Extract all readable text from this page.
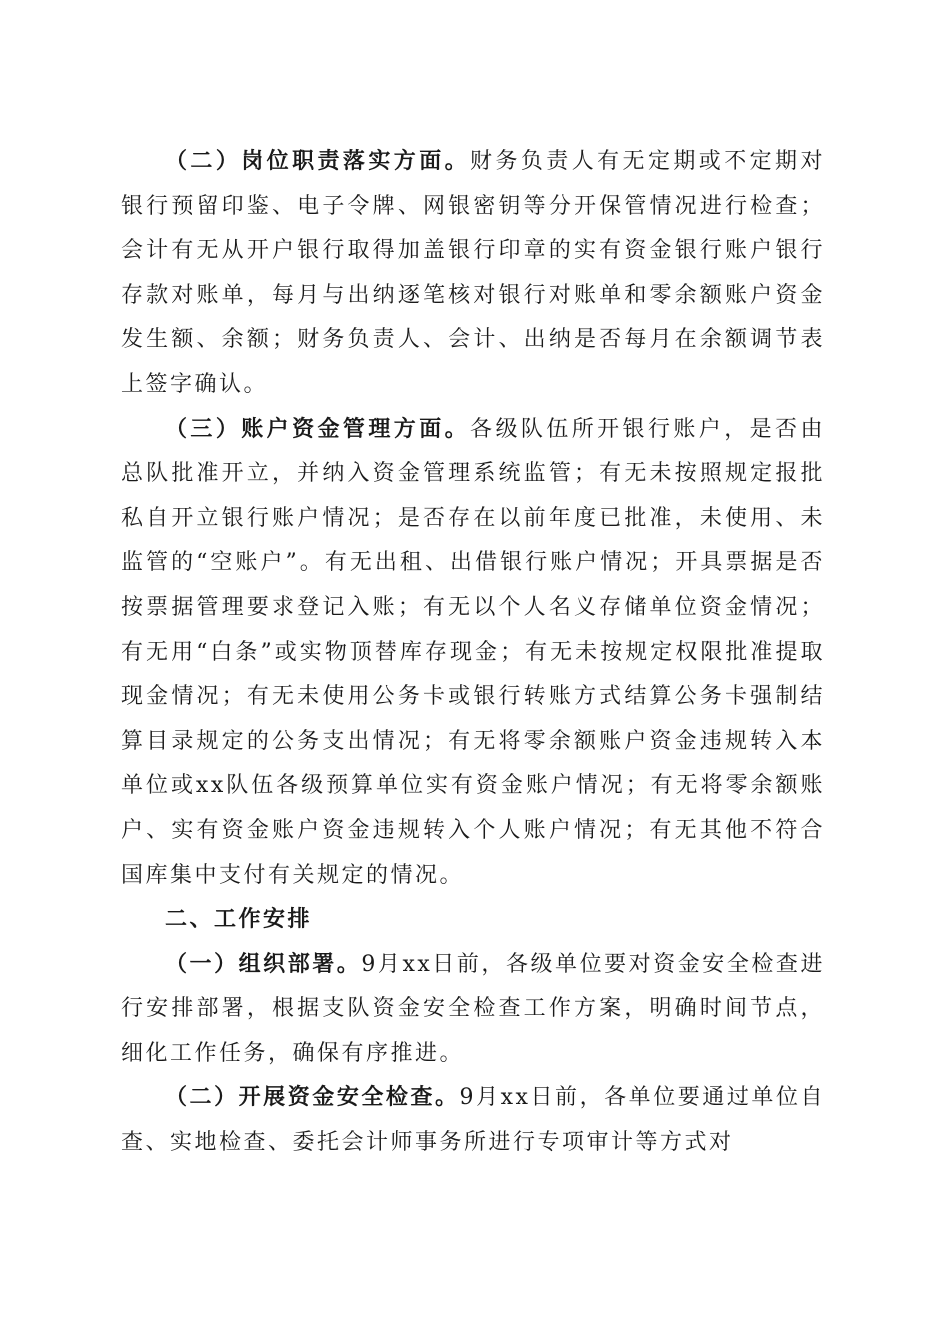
（二）岗位职责落实方面。财务负责人有无定期或不定期对银行预留印鉴、电子令牌、网银密钥等分开保管情况进行检查；会计有无从开户银行取得加盖银行印章的实有资金银行账户银行存款对账单，每月与出纳逐笔核对银行对账单和零余额账户资金发生额、余额；财务负责人、会计、出纳是否每月在余额调节表上签字确认。

（三）账户资金管理方面。各级队伍所开银行账户，是否由总队批准开立，并纳入资金管理系统监管；有无未按照规定报批私自开立银行账户情况；是否存在以前年度已批准，未使用、未监管的“空账户”。有无出租、出借银行账户情况；开具票据是否按票据管理要求登记入账；有无以个人名义存储单位资金情况；有无用“白条”或实物顶替库存现金；有无未按规定权限批准提取现金情况；有无未使用公务卡或银行转账方式结算公务卡强制结算目录规定的公务支出情况；有无将零余额账户资金违规转入本单位或xx队伍各级预算单位实有资金账户情况；有无将零余额账户、实有资金账户资金违规转入个人账户情况；有无其他不符合国库集中支付有关规定的情况。

二、工作安排

（一）组织部署。9月xx日前，各级单位要对资金安全检查进行安排部署，根据支队资金安全检查工作方案，明确时间节点，细化工作任务，确保有序推进。

（二）开展资金安全检查。9月xx日前，各单位要通过单位自查、实地检查、委托会计师事务所进行专项审计等方式对
